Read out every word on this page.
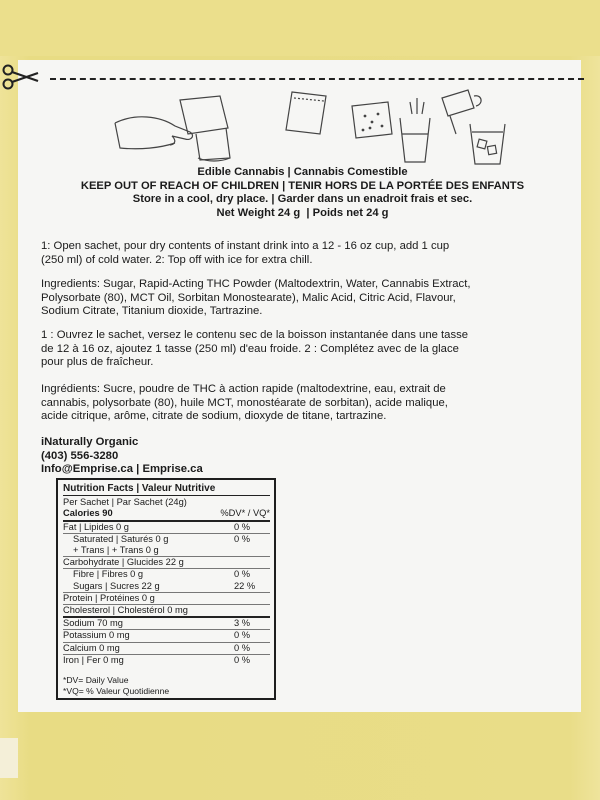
Edible Cannabis | Cannabis Comestible
KEEP OUT OF REACH OF CHILDREN | TENIR HORS DE LA PORTÉE DES ENFANTS
Store in a cool, dry place. | Garder dans un enadroit frais et sec.
Net Weight 24 g  | Poids net 24 g
1: Open sachet, pour dry contents of instant drink into a 12 - 16 oz cup, add 1 cup
(250 ml) of cold water. 2: Top off with ice for extra chill.
Ingredients: Sugar, Rapid-Acting THC Powder (Maltodextrin, Water, Cannabis Extract,
Polysorbate (80), MCT Oil, Sorbitan Monostearate), Malic Acid, Citric Acid, Flavour,
Sodium Citrate, Titanium dioxide, Tartrazine.
1 : Ouvrez le sachet, versez le contenu sec de la boisson instantanée dans une tasse
de 12 à 16 oz, ajoutez 1 tasse (250 ml) d'eau froide. 2 : Complétez avec de la glace
pour plus de fraîcheur.
Ingrédients: Sucre, poudre de THC à action rapide (maltodextrine, eau, extrait de
cannabis, polysorbate (80), huile MCT, monostéarate de sorbitan), acide malique,
acide citrique, arôme, citrate de sodium, dioxyde de titane, tartrazine.
iNaturally Organic
(403) 556-3280
Info@Emprise.ca | Emprise.ca
Nutrition Facts | Valeur Nutritive
Per Sachet | Par Sachet (24g)
Calories 90	%DV* / VQ*
Fat | Lipides 0 g	0 %
Saturated | Saturés 0 g	0 %
+ Trans | + Trans 0 g
Carbohydrate | Glucides 22 g
Fibre | Fibres 0 g	0 %
Sugars | Sucres 22 g	22 %
Protein | Protéines 0 g
Cholesterol | Cholestérol 0 mg
Sodium 70 mg	3 %
Potassium 0 mg	0 %
Calcium 0 mg	0 %
Iron | Fer 0 mg	0 %
*DV= Daily Value
*VQ= % Valeur Quotidienne
